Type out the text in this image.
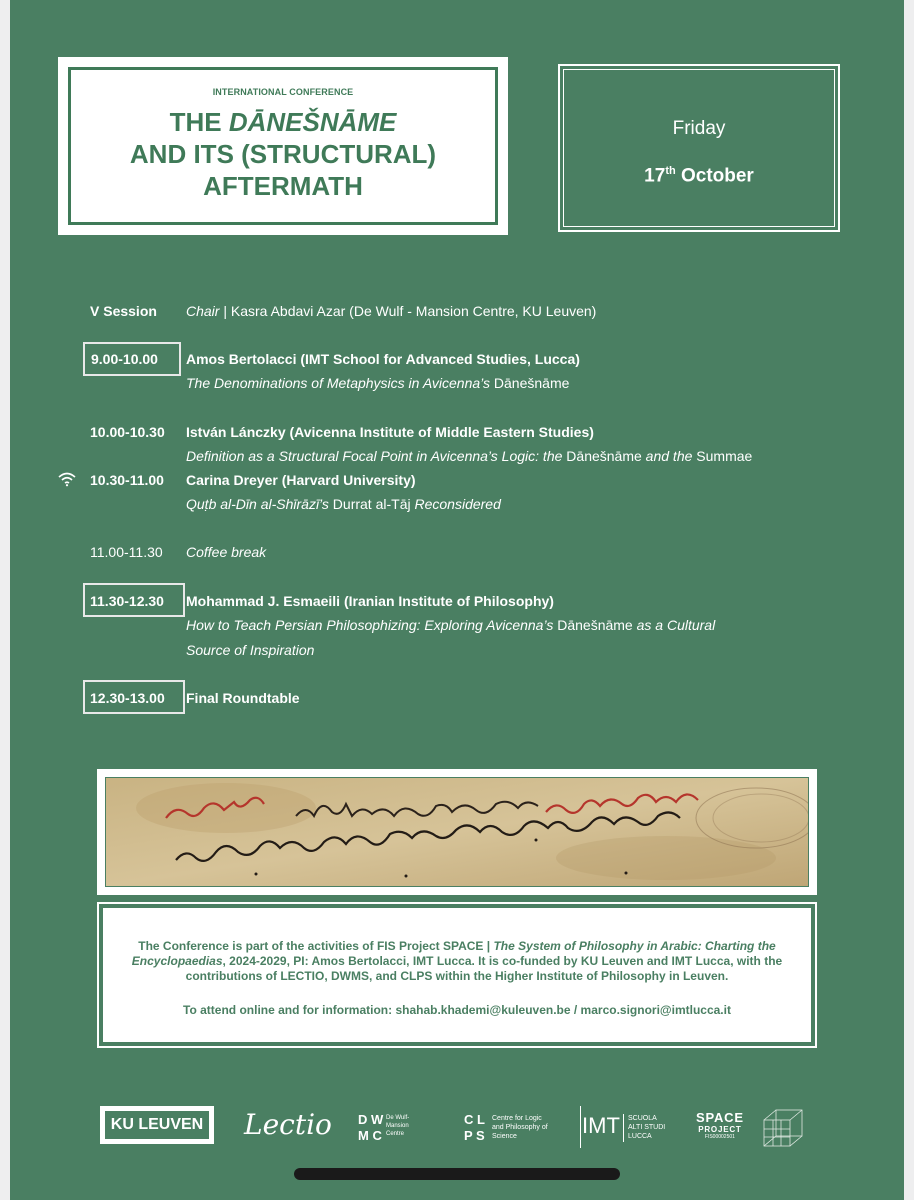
INTERNATIONAL CONFERENCE
THE DĀNEŠNĀME
AND ITS (STRUCTURAL)
AFTERMATH
Friday
17th October
V Session	Chair | Kasra Abdavi Azar (De Wulf - Mansion Centre, KU Leuven)
9.00-10.00	Amos Bertolacci (IMT School for Advanced Studies, Lucca)
The Denominations of Metaphysics in Avicenna’s Dānešnāme
10.00-10.30	István Lánczky (Avicenna Institute of Middle Eastern Studies)
Definition as a Structural Focal Point in Avicenna’s Logic: the Dānešnāme and the Summae
10.30-11.00	Carina Dreyer (Harvard University)
Quṭb al-Dīn al-Shīrāzī’s Durrat al-Tāj Reconsidered
11.00-11.30	Coffee break
11.30-12.30	Mohammad J. Esmaeili (Iranian Institute of Philosophy)
How to Teach Persian Philosophizing: Exploring Avicenna’s Dānešnāme as a Cultural
Source of Inspiration
12.30-13.00	Final Roundtable
The Conference is part of the activities of FIS Project SPACE | The System of Philosophy in Arabic: Charting the Encyclopaedias, 2024-2029, PI: Amos Bertolacci, IMT Lucca. It is co-funded by KU Leuven and IMT Lucca, with the contributions of LECTIO, DWMS, and CLPS within the Higher Institute of Philosophy in Leuven.
To attend online and for information: shahab.khademi@kuleuven.be / marco.signori@imtlucca.it
KU LEUVEN Lectio D W
M C
De Wulf-
Mansion
Centre
C L
P S
Centre for Logic
and Philosophy of
Science	IMT SCUOLA
ALTI STUDI
LUCCA
SPACE
PROJECT
FIS00002501
